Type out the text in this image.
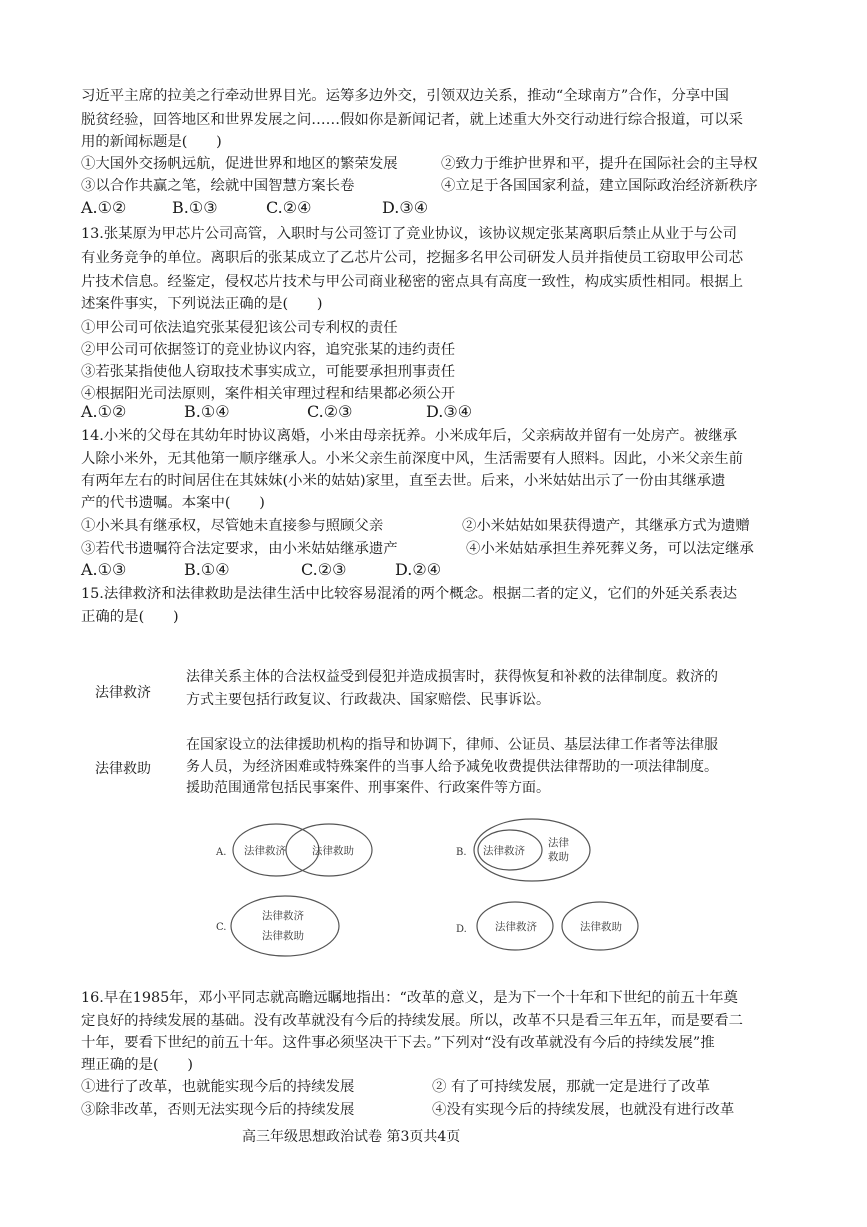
习近平主席的拉美之行牵动世界目光。运筹多边外交，引领双边关系，推动“全球南方”合作，分享中国
脱贫经验，回答地区和世界发展之问……假如你是新闻记者，就上述重大外交行动进行综合报道，可以采
用的新闻标题是(　　)
①大国外交扬帆远航，促进世界和地区的繁荣发展	②致力于维护世界和平，提升在国际社会的主导权
③以合作共赢之笔，绘就中国智慧方案长卷	④立足于各国国家利益，建立国际政治经济新秩序
A.①②	B.①③	C.②④	D.③④
13.张某原为甲芯片公司高管，入职时与公司签订了竞业协议，该协议规定张某离职后禁止从业于与公司
有业务竞争的单位。离职后的张某成立了乙芯片公司，挖掘多名甲公司研发人员并指使员工窃取甲公司芯
片技术信息。经鉴定，侵权芯片技术与甲公司商业秘密的密点具有高度一致性，构成实质性相同。根据上
述案件事实，下列说法正确的是(　　)
①甲公司可依法追究张某侵犯该公司专利权的责任
②甲公司可依据签订的竞业协议内容，追究张某的违约责任
③若张某指使他人窃取技术事实成立，可能要承担刑事责任
④根据阳光司法原则，案件相关审理过程和结果都必须公开
A.①②	B.①④	C.②③	D.③④
14.小米的父母在其幼年时协议离婚，小米由母亲抚养。小米成年后，父亲病故并留有一处房产。被继承
人除小米外，无其他第一顺序继承人。小米父亲生前深度中风，生活需要有人照料。因此，小米父亲生前
有两年左右的时间居住在其妹妹(小米的姑姑)家里，直至去世。后来，小米姑姑出示了一份由其继承遗
产的代书遗嘱。本案中(　　)
①小米具有继承权，尽管她未直接参与照顾父亲	②小米姑姑如果获得遗产，其继承方式为遗赠
③若代书遗嘱符合法定要求，由小米姑姑继承遗产	④小米姑姑承担生养死葬义务，可以法定继承
A.①③	B.①④	C.②③	D.②④
15.法律救济和法律救助是法律生活中比较容易混淆的两个概念。根据二者的定义，它们的外延关系表达
正确的是(　　)
法律救济
法律关系主体的合法权益受到侵犯并造成损害时，获得恢复和补救的法律制度。救济的
方式主要包括行政复议、行政裁决、国家赔偿、民事诉讼。
法律救助
在国家设立的法律援助机构的指导和协调下，律师、公证员、基层法律工作者等法律服
务人员，为经济困难或特殊案件的当事人给予减免收费提供法律帮助的一项法律制度。
援助范围通常包括民事案件、刑事案件、行政案件等方面。
A. 法律救济 法律救助	B. 法律救济
法律
救助
C.
法律救济
法律救助
D.	法律救济	法律救助
16.早在1985年，邓小平同志就高瞻远瞩地指出：“改革的意义，是为下一个十年和下世纪的前五十年奠
定良好的持续发展的基础。没有改革就没有今后的持续发展。所以，改革不只是看三年五年，而是要看二
十年，要看下世纪的前五十年。这件事必须坚决干下去。”下列对“没有改革就没有今后的持续发展”推
理正确的是(　　)
①进行了改革，也就能实现今后的持续发展	② 有了可持续发展，那就一定是进行了改革
③除非改革，否则无法实现今后的持续发展	④没有实现今后的持续发展，也就没有进行改革
高三年级思想政治试卷 第3页共4页
